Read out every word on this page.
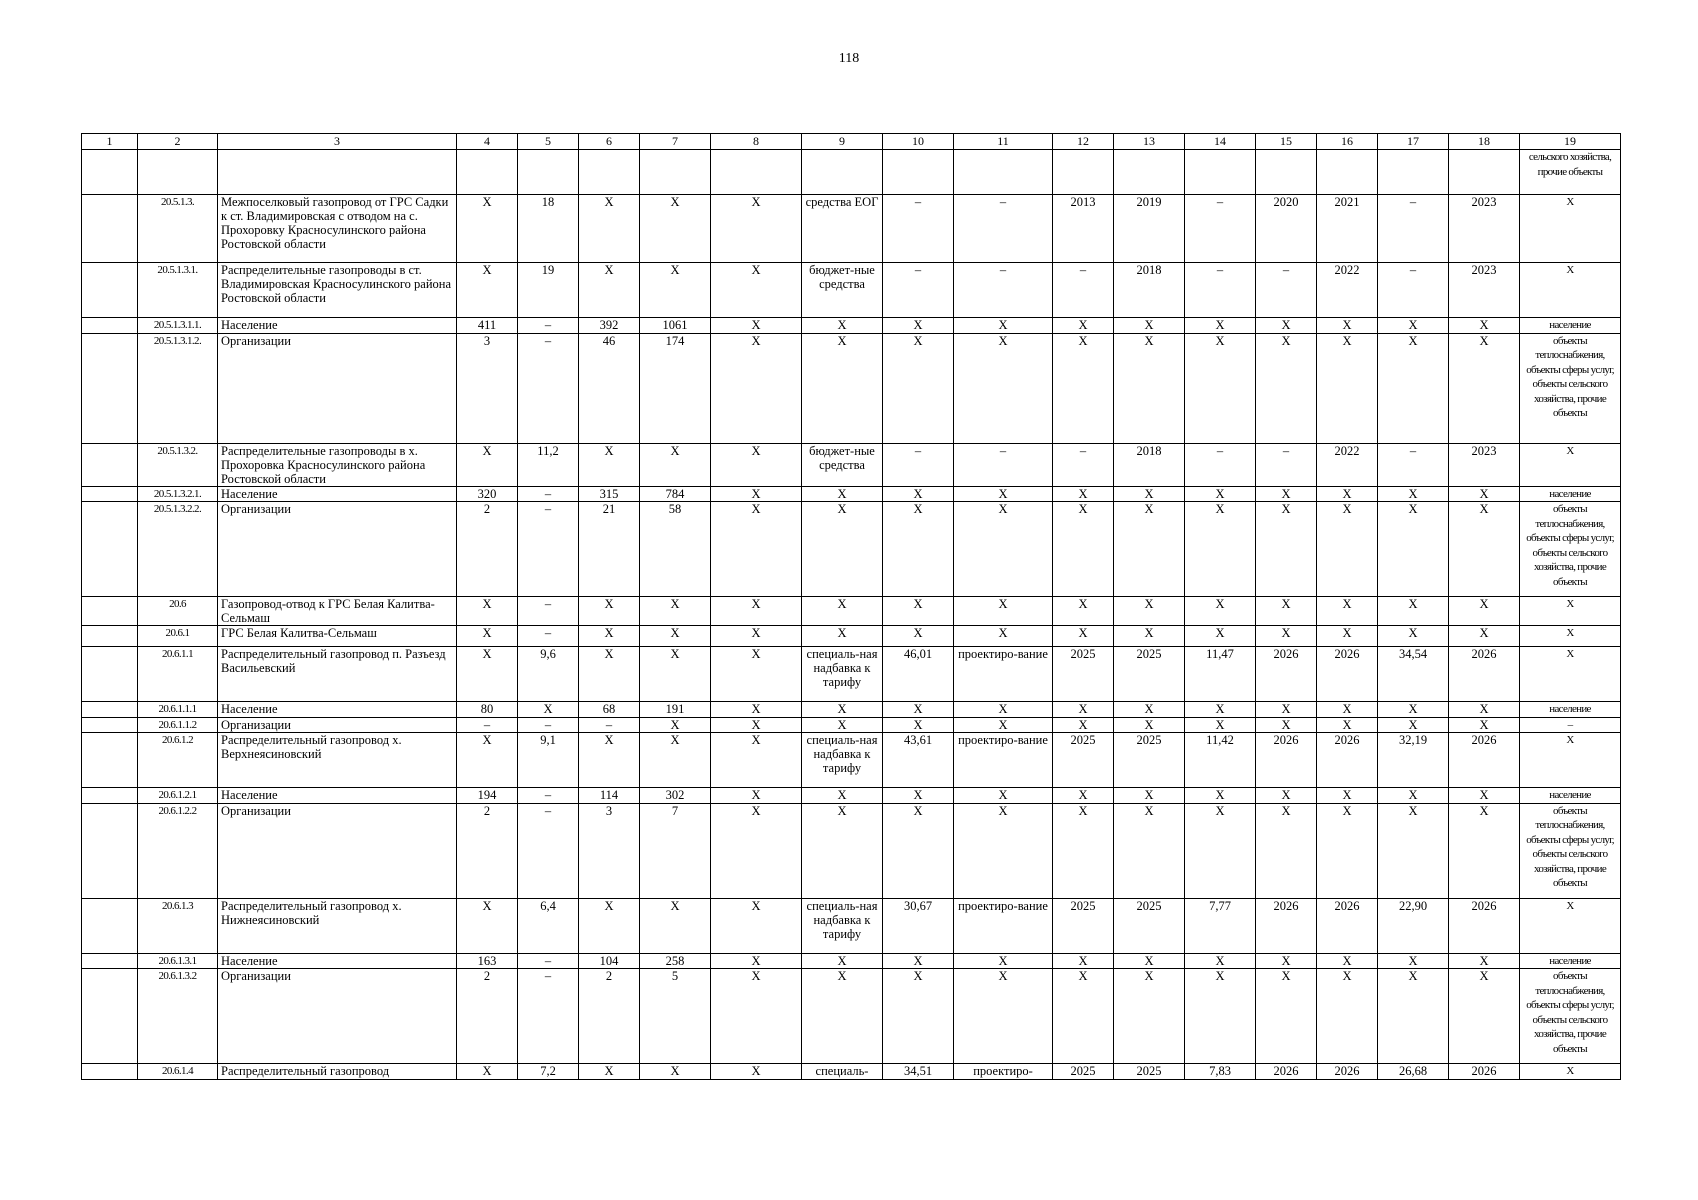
118
1	2	3	4	5	6	7	8	9	10	11	12	13	14	15	16	17	18	19
																		сельского хозяйства, прочие объекты
	20.5.1.3.	Межпоселковый газопровод от ГРС Садки к ст. Владимировская с отводом на с. Прохоровку Красносулинского района Ростовской области	Х	18	Х	Х	Х	средства ЕОГ	–	–	2013	2019	–	2020	2021	–	2023	Х
	20.5.1.3.1.	Распределительные газопроводы в ст. Владимировская Красносулинского района Ростовской области	Х	19	Х	Х	Х	бюджет-ные средства	–	–	–	2018	–	–	2022	–	2023	Х
	20.5.1.3.1.1.	Население	411	–	392	1061	Х	Х	Х	Х	Х	Х	Х	Х	Х	Х	Х	население
	20.5.1.3.1.2.	Организации	3	–	46	174	Х	Х	Х	Х	Х	Х	Х	Х	Х	Х	Х	объекты теплоснабжения, объекты сферы услуг, объекты сельского хозяйства, прочие объекты
	20.5.1.3.2.	Распределительные газопроводы в х. Прохоровка Красносулинского района Ростовской области	Х	11,2	Х	Х	Х	бюджет-ные средства	–	–	–	2018	–	–	2022	–	2023	Х
	20.5.1.3.2.1.	Население	320	–	315	784	Х	Х	Х	Х	Х	Х	Х	Х	Х	Х	Х	население
	20.5.1.3.2.2.	Организации	2	–	21	58	Х	Х	Х	Х	Х	Х	Х	Х	Х	Х	Х	объекты теплоснабжения, объекты сферы услуг, объекты сельского хозяйства, прочие объекты
	20.6	Газопровод-отвод к ГРС Белая Калитва-Сельмаш	Х	–	Х	Х	Х	Х	Х	Х	Х	Х	Х	Х	Х	Х	Х	Х
	20.6.1	ГРС Белая Калитва-Сельмаш	Х	–	Х	Х	Х	Х	Х	Х	Х	Х	Х	Х	Х	Х	Х	Х
	20.6.1.1	Распределительный газопровод п. Разъезд Васильевский	Х	9,6	Х	Х	Х	специаль-ная надбавка к тарифу	46,01	проектиро-вание	2025	2025	11,47	2026	2026	34,54	2026	Х
	20.6.1.1.1	Население	80	Х	68	191	Х	Х	Х	Х	Х	Х	Х	Х	Х	Х	Х	население
	20.6.1.1.2	Организации	–	–	–	Х	Х	Х	Х	Х	Х	Х	Х	Х	Х	Х	Х	–
	20.6.1.2	Распределительный газопровод х. Верхнеясиновский	Х	9,1	Х	Х	Х	специаль-ная надбавка к тарифу	43,61	проектиро-вание	2025	2025	11,42	2026	2026	32,19	2026	Х
	20.6.1.2.1	Население	194	–	114	302	Х	Х	Х	Х	Х	Х	Х	Х	Х	Х	Х	население
	20.6.1.2.2	Организации	2	–	3	7	Х	Х	Х	Х	Х	Х	Х	Х	Х	Х	Х	объекты теплоснабжения, объекты сферы услуг, объекты сельского хозяйства, прочие объекты
	20.6.1.3	Распределительный газопровод х. Нижнеясиновский	Х	6,4	Х	Х	Х	специаль-ная надбавка к тарифу	30,67	проектиро-вание	2025	2025	7,77	2026	2026	22,90	2026	Х
	20.6.1.3.1	Население	163	–	104	258	Х	Х	Х	Х	Х	Х	Х	Х	Х	Х	Х	население
	20.6.1.3.2	Организации	2	–	2	5	Х	Х	Х	Х	Х	Х	Х	Х	Х	Х	Х	объекты теплоснабжения, объекты сферы услуг, объекты сельского хозяйства, прочие объекты
	20.6.1.4	Распределительный газопровод	Х	7,2	Х	Х	Х	специаль-	34,51	проектиро-	2025	2025	7,83	2026	2026	26,68	2026	Х
